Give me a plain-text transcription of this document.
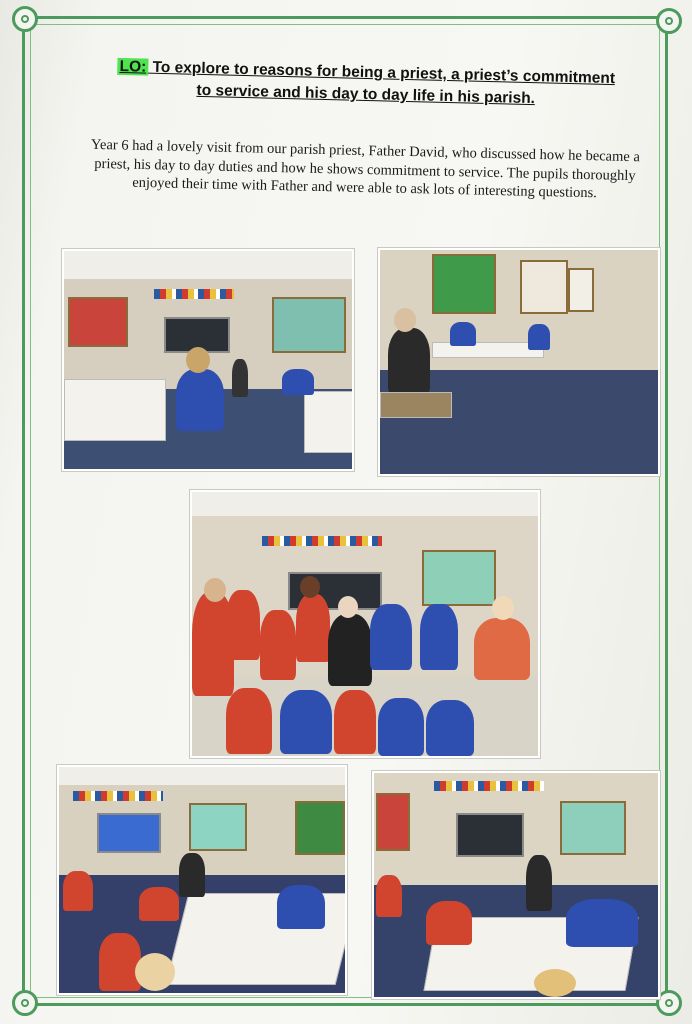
LO: To explore to reasons for being a priest, a priest’s commitment
to service and his day to day life in his parish.
Year 6 had a lovely visit from our parish priest, Father David, who discussed how he became a priest, his day to day duties and how he shows commitment to service. The pupils thoroughly enjoyed their time with Father and were able to ask lots of interesting questions.
